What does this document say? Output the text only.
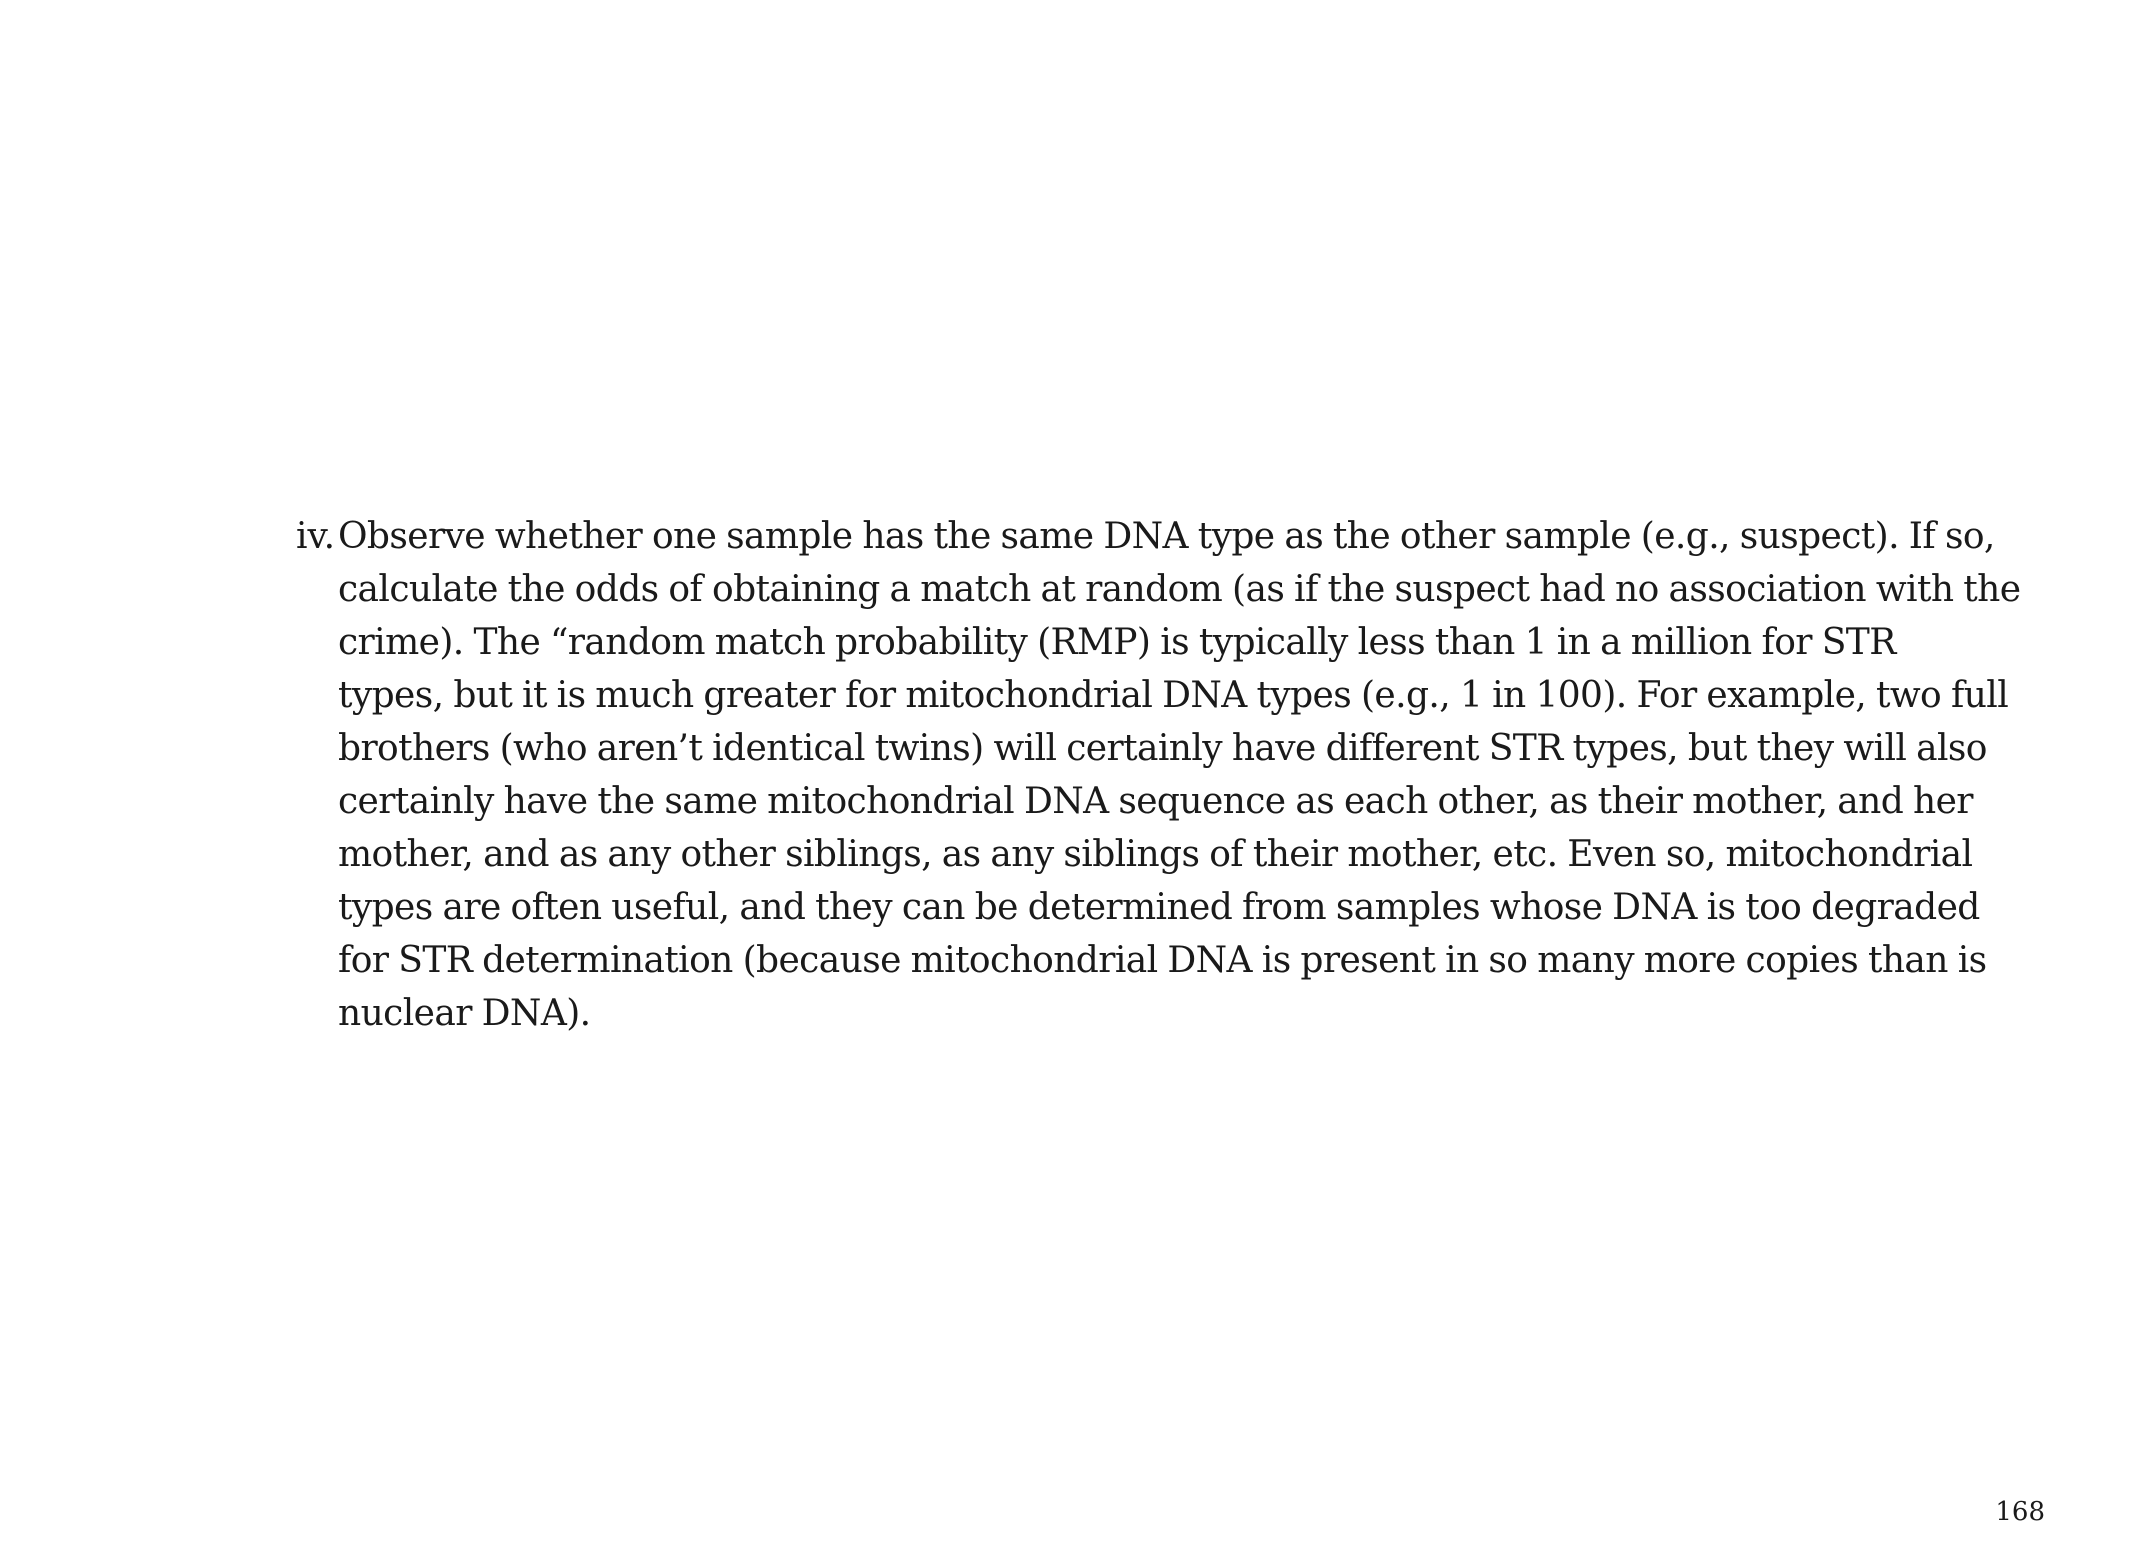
iv. Observe whether one sample has the same DNA type as the other sample (e.g., suspect). If so,
calculate the odds of obtaining a match at random (as if the suspect had no association with the
crime). The “random match probability (RMP) is typically less than 1 in a million for STR
types, but it is much greater for mitochondrial DNA types (e.g., 1 in 100). For example, two full
brothers (who aren’t identical twins) will certainly have different STR types, but they will also
certainly have the same mitochondrial DNA sequence as each other, as their mother, and her
mother, and as any other siblings, as any siblings of their mother, etc. Even so, mitochondrial
types are often useful, and they can be determined from samples whose DNA is too degraded
for STR determination (because mitochondrial DNA is present in so many more copies than is
nuclear DNA).
168
